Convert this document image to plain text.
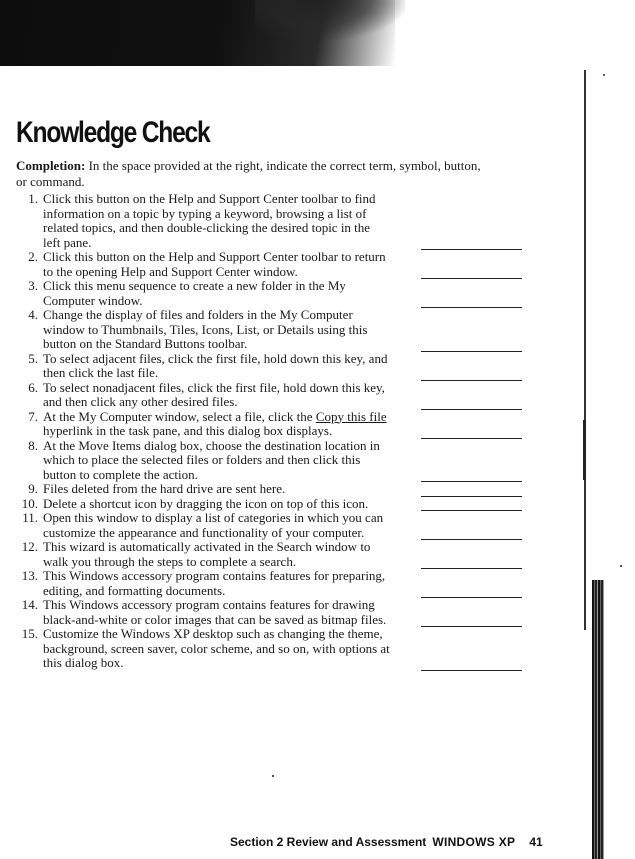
Knowledge Check
Completion: In the space provided at the right, indicate the correct term, symbol, button, or command.
1. Click this button on the Help and Support Center toolbar to find information on a topic by typing a keyword, browsing a list of related topics, and then double-clicking the desired topic in the left pane.
2. Click this button on the Help and Support Center toolbar to return to the opening Help and Support Center window.
3. Click this menu sequence to create a new folder in the My Computer window.
4. Change the display of files and folders in the My Computer window to Thumbnails, Tiles, Icons, List, or Details using this button on the Standard Buttons toolbar.
5. To select adjacent files, click the first file, hold down this key, and then click the last file.
6. To select nonadjacent files, click the first file, hold down this key, and then click any other desired files.
7. At the My Computer window, select a file, click the Copy this file hyperlink in the task pane, and this dialog box displays.
8. At the Move Items dialog box, choose the destination location in which to place the selected files or folders and then click this button to complete the action.
9. Files deleted from the hard drive are sent here.
10. Delete a shortcut icon by dragging the icon on top of this icon.
11. Open this window to display a list of categories in which you can customize the appearance and functionality of your computer.
12. This wizard is automatically activated in the Search window to walk you through the steps to complete a search.
13. This Windows accessory program contains features for preparing, editing, and formatting documents.
14. This Windows accessory program contains features for drawing black-and-white or color images that can be saved as bitmap files.
15. Customize the Windows XP desktop such as changing the theme, background, screen saver, color scheme, and so on, with options at this dialog box.
Section 2 Review and Assessment WINDOWS XP 41
